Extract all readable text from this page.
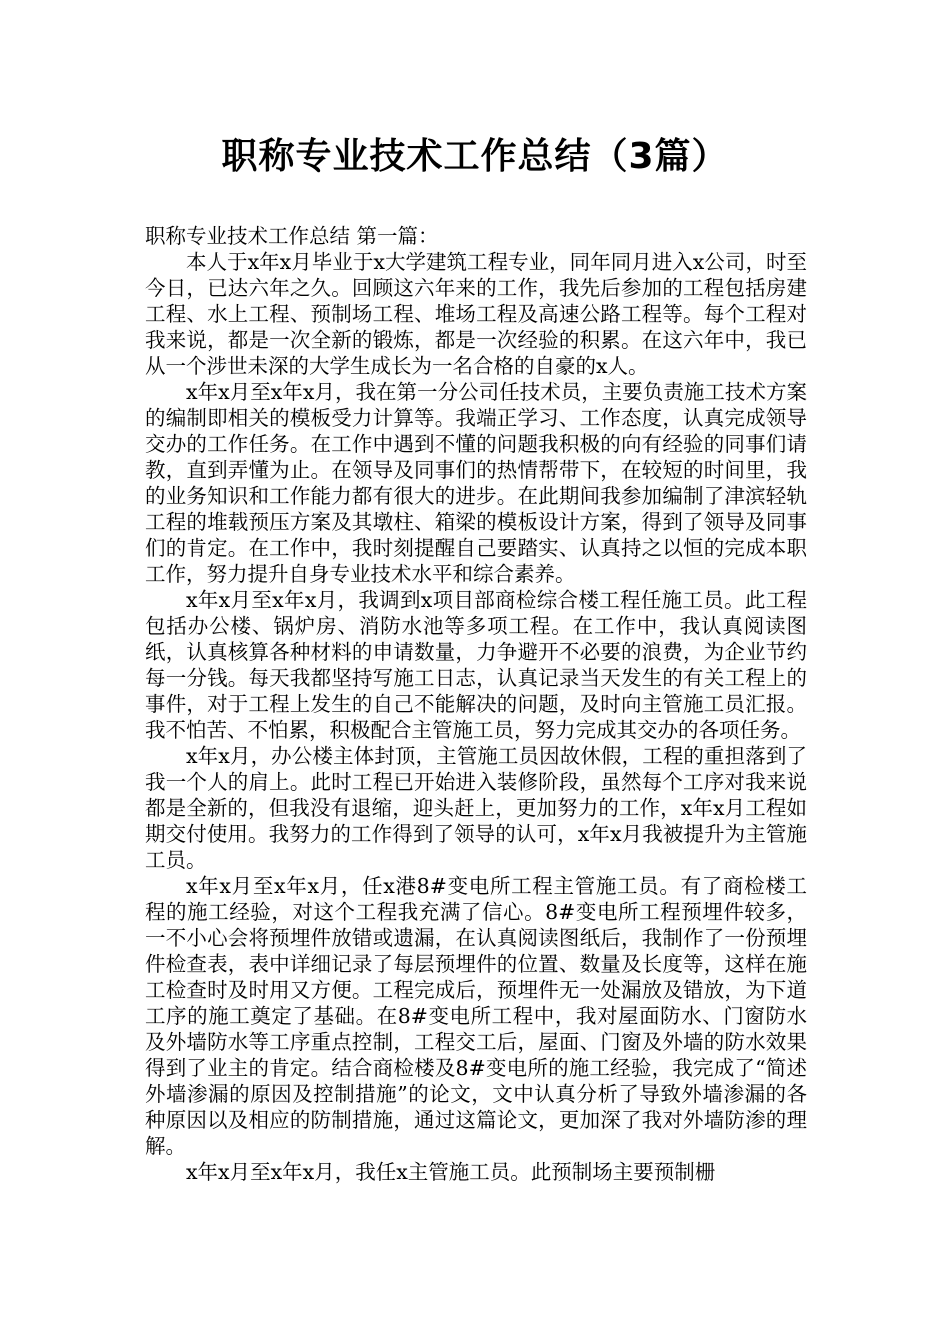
职称专业技术工作总结（3篇）

职称专业技术工作总结 第一篇：

本人于x年x月毕业于x大学建筑工程专业，同年同月进入x公司，时至今日，已达六年之久。回顾这六年来的工作，我先后参加的工程包括房建工程、水上工程、预制场工程、堆场工程及高速公路工程等。每个工程对我来说，都是一次全新的锻炼，都是一次经验的积累。在这六年中，我已从一个涉世未深的大学生成长为一名合格的自豪的x人。

x年x月至x年x月，我在第一分公司任技术员，主要负责施工技术方案的编制即相关的模板受力计算等。我端正学习、工作态度，认真完成领导交办的工作任务。在工作中遇到不懂的问题我积极的向有经验的同事们请教，直到弄懂为止。在领导及同事们的热情帮带下，在较短的时间里，我的业务知识和工作能力都有很大的进步。在此期间我参加编制了津滨轻轨工程的堆载预压方案及其墩柱、箱梁的模板设计方案，得到了领导及同事们的肯定。在工作中，我时刻提醒自己要踏实、认真持之以恒的完成本职工作，努力提升自身专业技术水平和综合素养。

x年x月至x年x月，我调到x项目部商检综合楼工程任施工员。此工程包括办公楼、锅炉房、消防水池等多项工程。在工作中，我认真阅读图纸，认真核算各种材料的申请数量，力争避开不必要的浪费，为企业节约每一分钱。每天我都坚持写施工日志，认真记录当天发生的有关工程上的事件，对于工程上发生的自己不能解决的问题，及时向主管施工员汇报。我不怕苦、不怕累，积极配合主管施工员，努力完成其交办的各项任务。

x年x月，办公楼主体封顶，主管施工员因故休假，工程的重担落到了我一个人的肩上。此时工程已开始进入装修阶段，虽然每个工序对我来说都是全新的，但我没有退缩，迎头赶上，更加努力的工作，x年x月工程如期交付使用。我努力的工作得到了领导的认可，x年x月我被提升为主管施工员。

x年x月至x年x月，任x港8#变电所工程主管施工员。有了商检楼工程的施工经验，对这个工程我充满了信心。8#变电所工程预埋件较多，一不小心会将预埋件放错或遗漏，在认真阅读图纸后，我制作了一份预埋件检查表，表中详细记录了每层预埋件的位置、数量及长度等，这样在施工检查时及时用又方便。工程完成后，预埋件无一处漏放及错放，为下道工序的施工奠定了基础。在8#变电所工程中，我对屋面防水、门窗防水及外墙防水等工序重点控制，工程交工后，屋面、门窗及外墙的防水效果得到了业主的肯定。结合商检楼及8#变电所的施工经验，我完成了“简述外墙渗漏的原因及控制措施”的论文，文中认真分析了导致外墙渗漏的各种原因以及相应的防制措施，通过这篇论文，更加深了我对外墙防渗的理解。

x年x月至x年x月，我任x主管施工员。此预制场主要预制栅
